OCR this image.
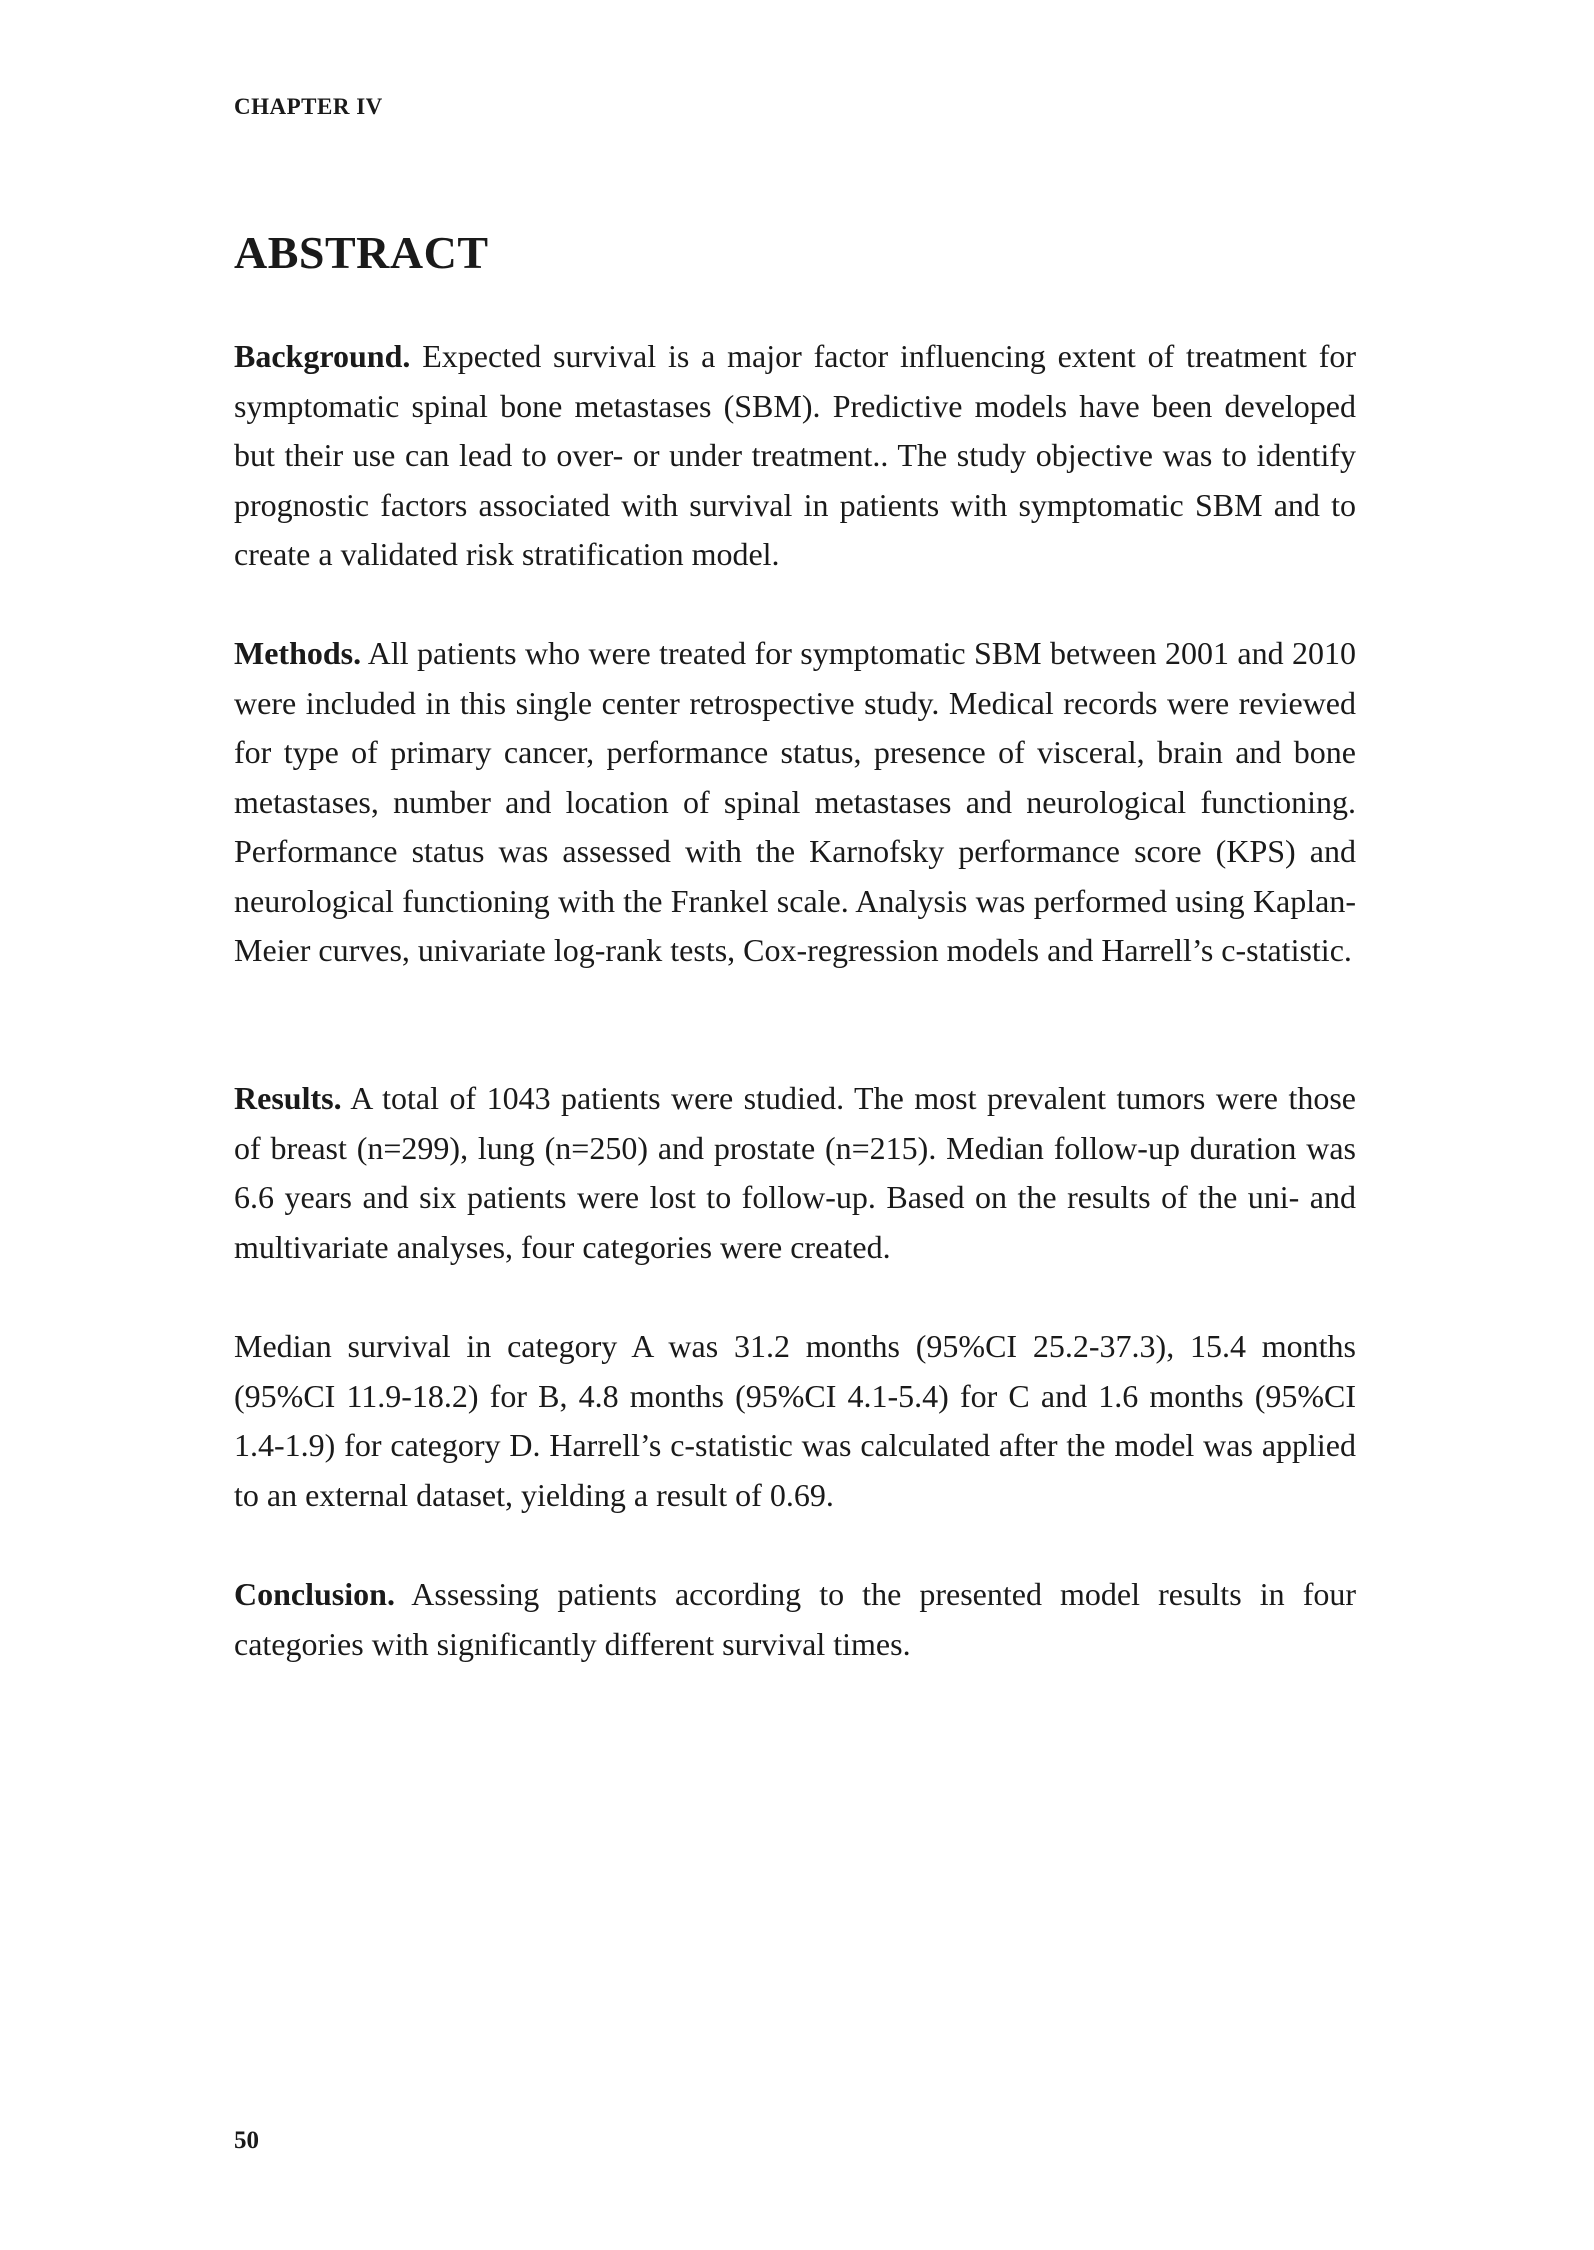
CHAPTER IV
ABSTRACT

Background. Expected survival is a major factor influencing extent of treatment for symptomatic spinal bone metastases (SBM). Predictive models have been developed but their use can lead to over- or under treatment.. The study objective was to identify prognostic factors associated with survival in patients with symptomatic SBM and to create a validated risk stratification model.

Methods. All patients who were treated for symptomatic SBM between 2001 and 2010 were included in this single center retrospective study. Medical records were reviewed for type of primary cancer, performance status, presence of visceral, brain and bone metastases, number and location of spinal metastases and neurological functioning. Performance status was assessed with the Karnofsky performance score (KPS) and neurological functioning with the Frankel scale. Analysis was performed using Kaplan-Meier curves, univariate log-rank tests, Cox-regression models and Harrell’s c-statistic.

Results. A total of 1043 patients were studied. The most prevalent tumors were those of breast (n=299), lung (n=250) and prostate (n=215). Median follow-up duration was 6.6 years and six patients were lost to follow-up. Based on the results of the uni- and multivariate analyses, four categories were created.

Median survival in category A was 31.2 months (95%CI 25.2-37.3), 15.4 months (95%CI 11.9-18.2) for B, 4.8 months (95%CI 4.1-5.4) for C and 1.6 months (95%CI 1.4-1.9) for category D. Harrell’s c-statistic was calculated after the model was applied to an external dataset, yielding a result of 0.69.

Conclusion. Assessing patients according to the presented model results in four categories with significantly different survival times.

50
